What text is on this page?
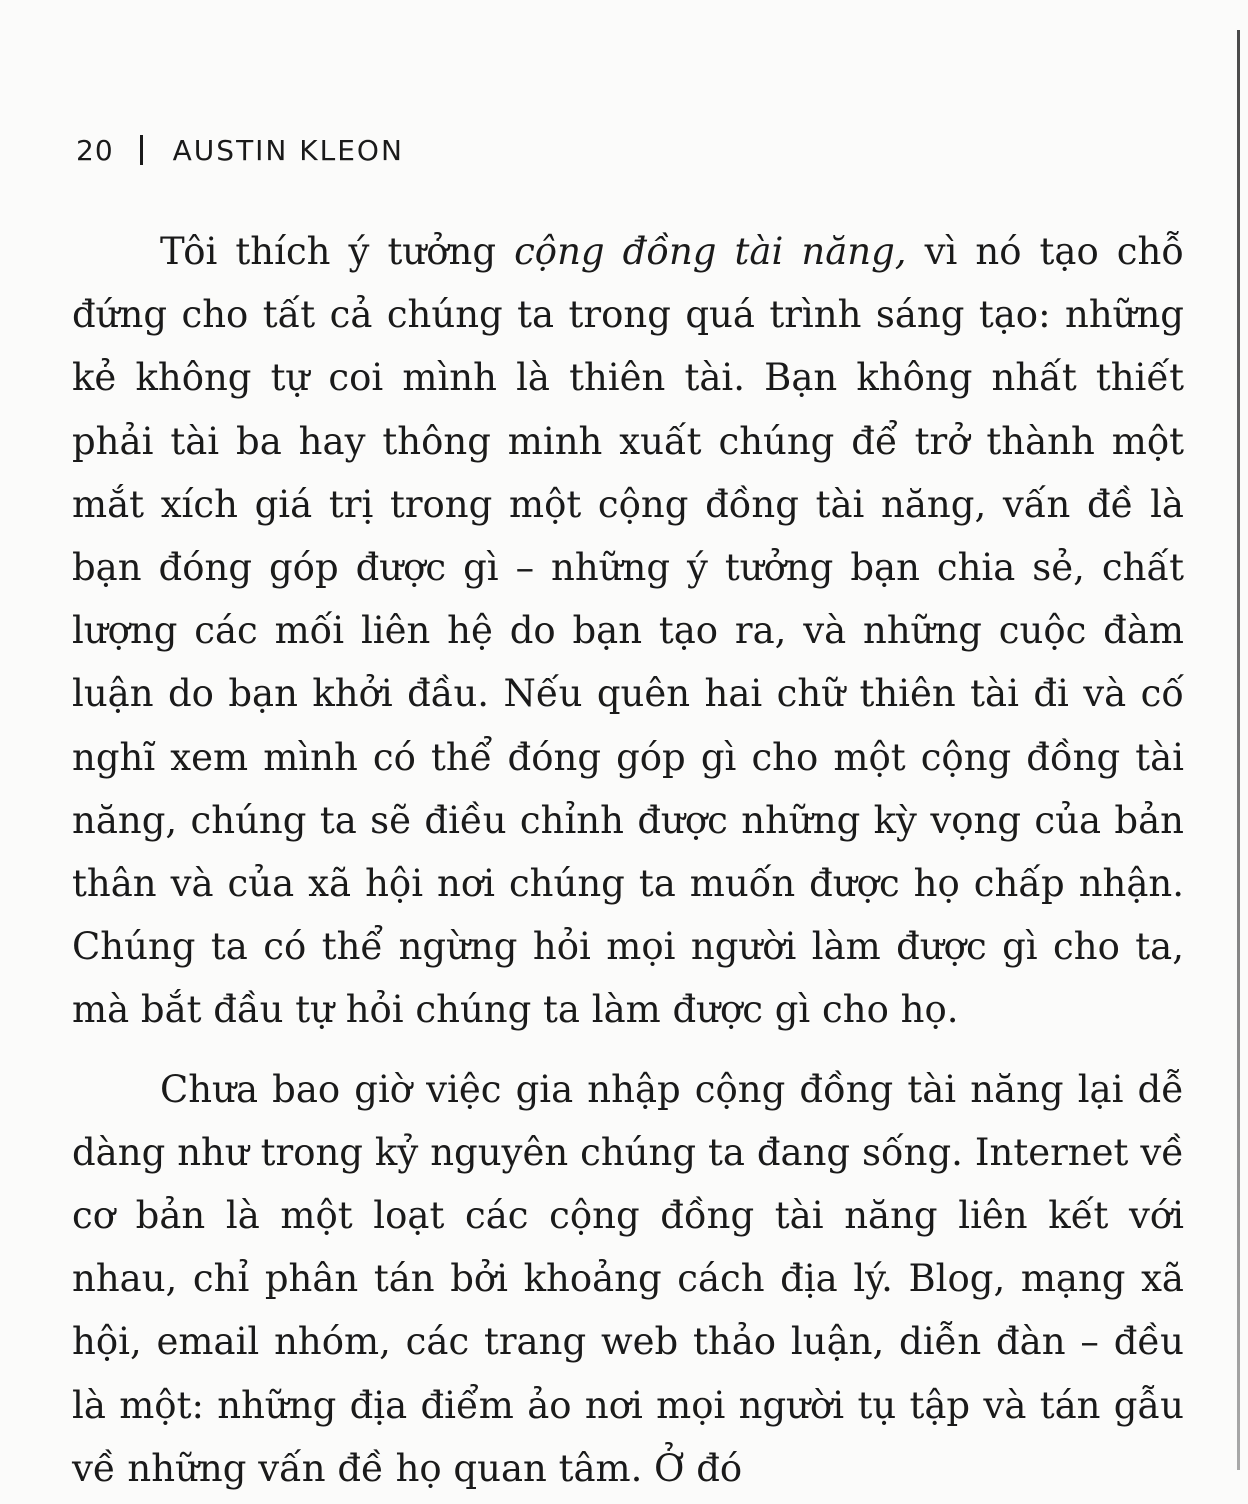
20 AUSTIN KLEON

Tôi thích ý tưởng cộng đồng tài năng, vì nó tạo chỗ đứng cho tất cả chúng ta trong quá trình sáng tạo: những kẻ không tự coi mình là thiên tài. Bạn không nhất thiết phải tài ba hay thông minh xuất chúng để trở thành một mắt xích giá trị trong một cộng đồng tài năng, vấn đề là bạn đóng góp được gì – những ý tưởng bạn chia sẻ, chất lượng các mối liên hệ do bạn tạo ra, và những cuộc đàm luận do bạn khởi đầu. Nếu quên hai chữ thiên tài đi và cố nghĩ xem mình có thể đóng góp gì cho một cộng đồng tài năng, chúng ta sẽ điều chỉnh được những kỳ vọng của bản thân và của xã hội nơi chúng ta muốn được họ chấp nhận. Chúng ta có thể ngừng hỏi mọi người làm được gì cho ta, mà bắt đầu tự hỏi chúng ta làm được gì cho họ.

Chưa bao giờ việc gia nhập cộng đồng tài năng lại dễ dàng như trong kỷ nguyên chúng ta đang sống. Internet về cơ bản là một loạt các cộng đồng tài năng liên kết với nhau, chỉ phân tán bởi khoảng cách địa lý. Blog, mạng xã hội, email nhóm, các trang web thảo luận, diễn đàn – đều là một: những địa điểm ảo nơi mọi người tụ tập và tán gẫu về những vấn đề họ quan tâm. Ở đó
